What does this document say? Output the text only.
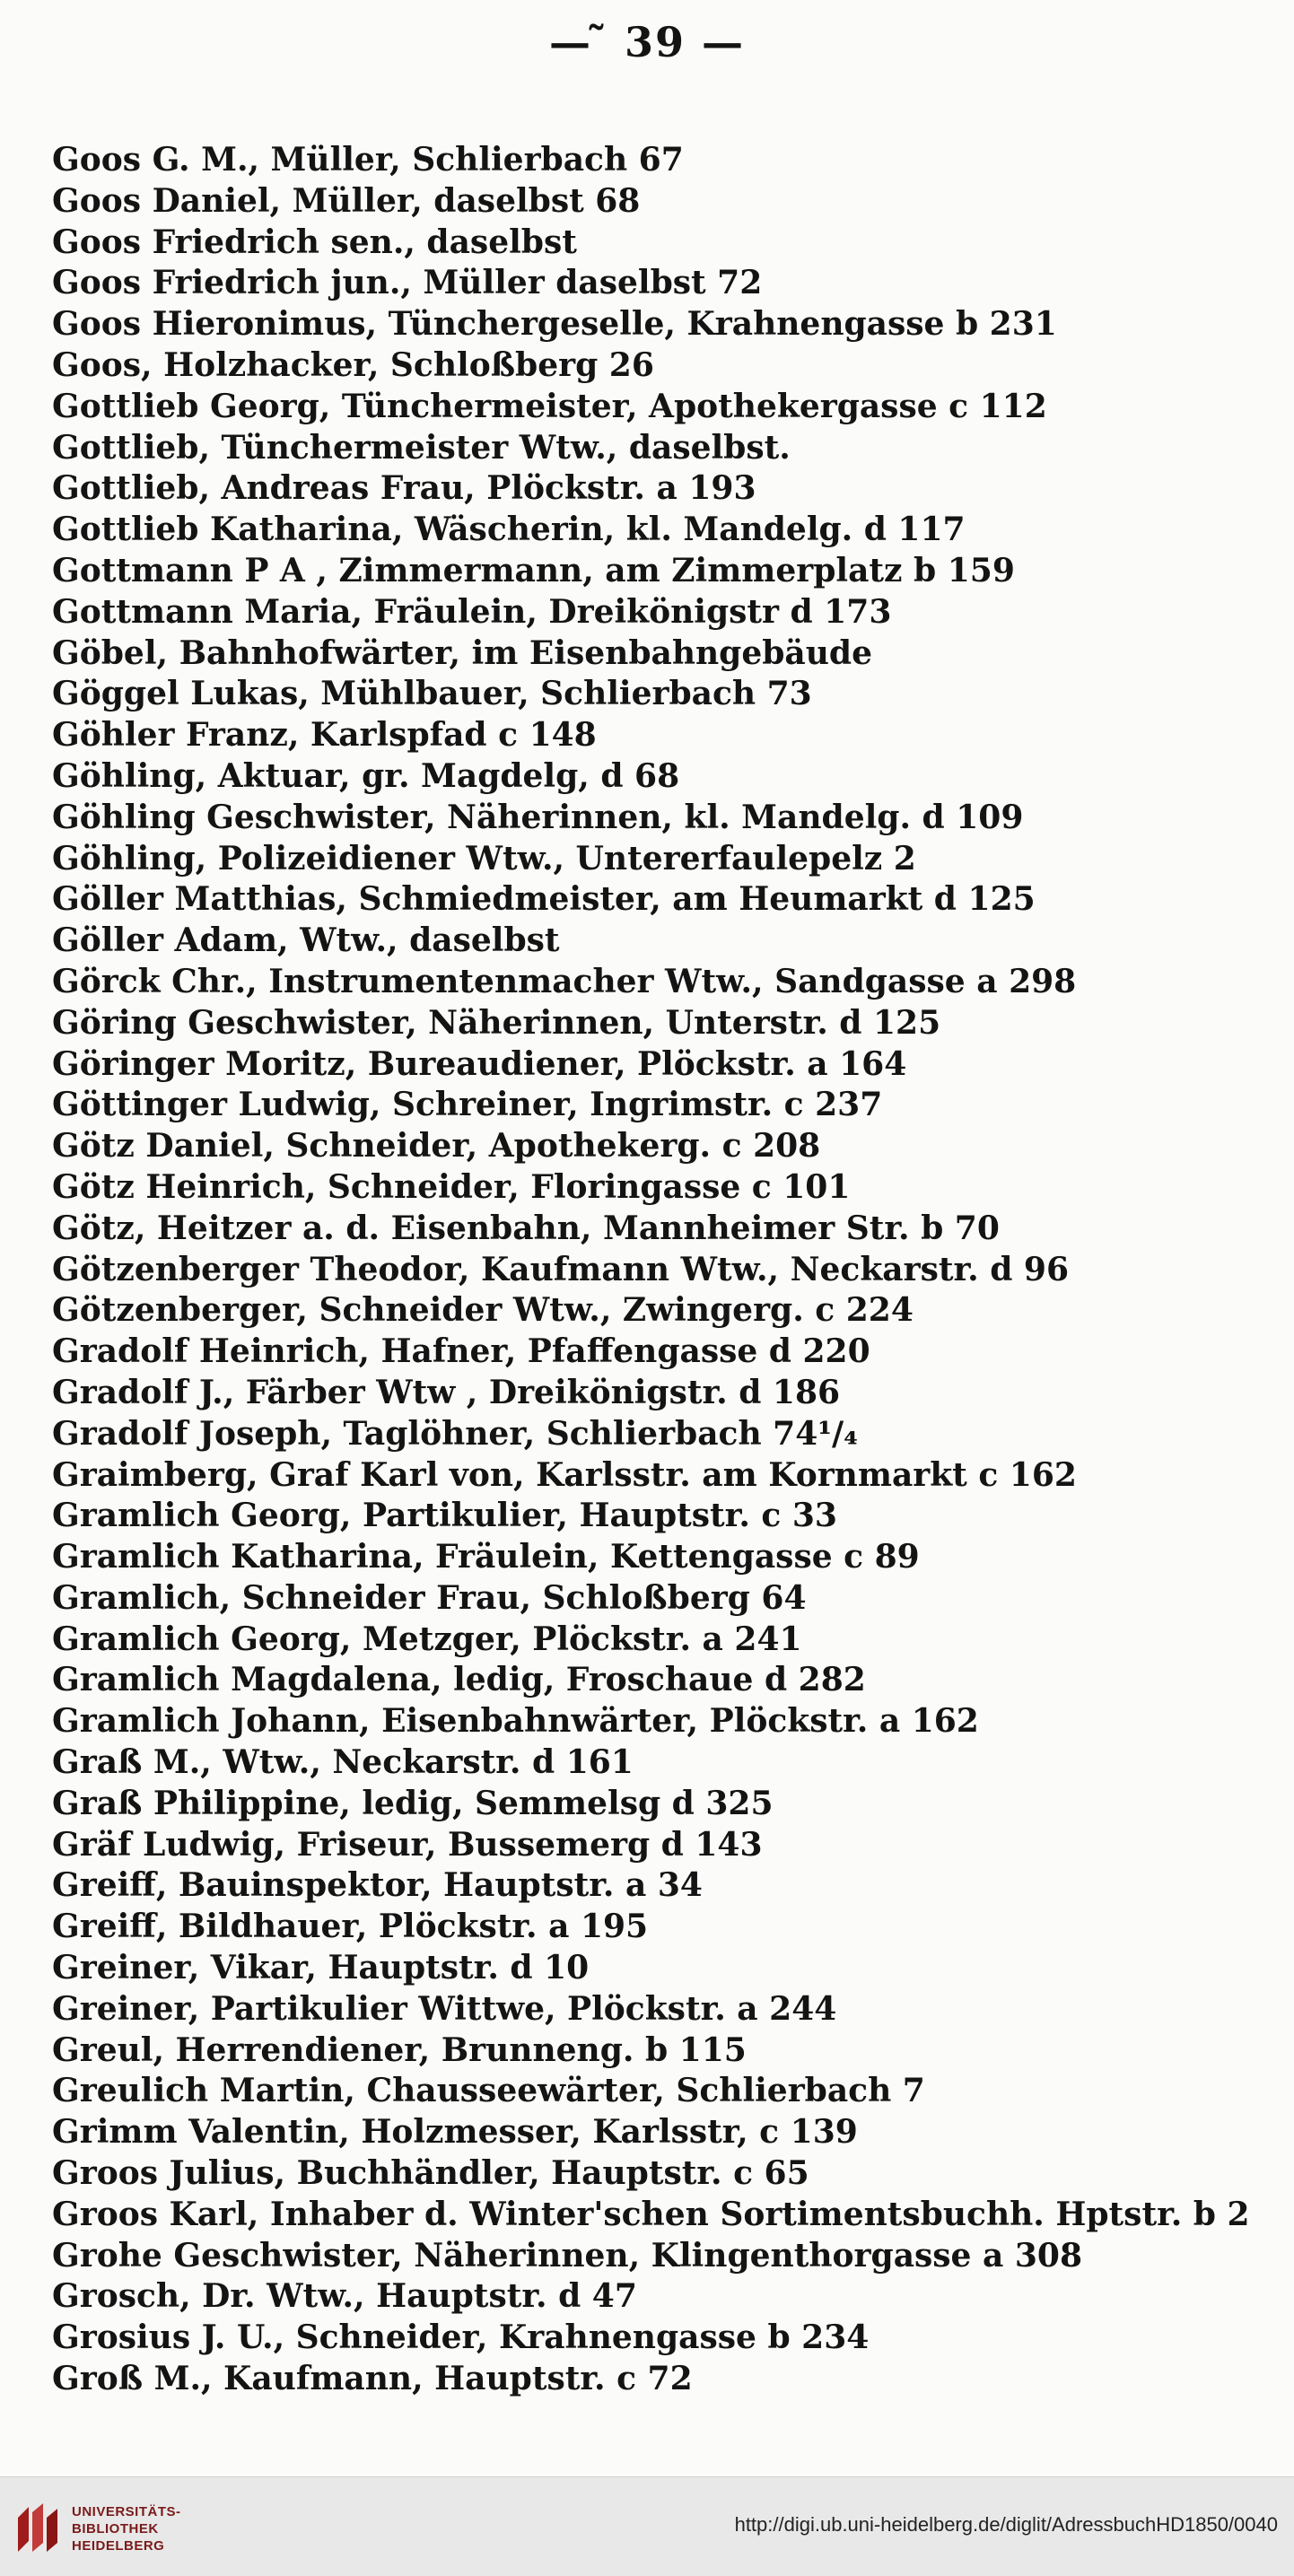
— ̃ 39 —
Goos G. M., Müller, Schlierbach 67
Goos Daniel, Müller, daselbst 68
Goos Friedrich sen., daselbst
Goos Friedrich jun., Müller daselbst 72
Goos Hieronimus, Tünchergeselle, Krahnengasse b 231
Goos, Holzhacker, Schloßberg 26
Gottlieb Georg, Tünchermeister, Apothekergasse c 112
Gottlieb, Tünchermeister Wtw., daselbst.
Gottlieb, Andreas Frau, Plöckstr. a 193
Gottlieb Katharina, Wäscherin, kl. Mandelg. d 117
Gottmann P A , Zimmermann, am Zimmerplatz b 159
Gottmann Maria, Fräulein, Dreikönigstr d 173
Göbel, Bahnhofwärter, im Eisenbahngebäude
Göggel Lukas, Mühlbauer, Schlierbach 73
Göhler Franz, Karlspfad c 148
Göhling, Aktuar, gr. Magdelg, d 68
Göhling Geschwister, Näherinnen, kl. Mandelg. d 109
Göhling, Polizeidiener Wtw., Untererfaulepelz 2
Göller Matthias, Schmiedmeister, am Heumarkt d 125
Göller Adam, Wtw., daselbst
Görck Chr., Instrumentenmacher Wtw., Sandgasse a 298
Göring Geschwister, Näherinnen, Unterstr. d 125
Göringer Moritz, Bureaudiener, Plöckstr. a 164
Göttinger Ludwig, Schreiner, Ingrimstr. c 237
Götz Daniel, Schneider, Apothekerg. c 208
Götz Heinrich, Schneider, Floringasse c 101
Götz, Heitzer a. d. Eisenbahn, Mannheimer Str. b 70
Götzenberger Theodor, Kaufmann Wtw., Neckarstr. d 96
Götzenberger, Schneider Wtw., Zwingerg. c 224
Gradolf Heinrich, Hafner, Pfaffengasse d 220
Gradolf J., Färber Wtw , Dreikönigstr. d 186
Gradolf Joseph, Taglöhner, Schlierbach 74¹/₄
Graimberg, Graf Karl von, Karlsstr. am Kornmarkt c 162
Gramlich Georg, Partikulier, Hauptstr. c 33
Gramlich Katharina, Fräulein, Kettengasse c 89
Gramlich, Schneider Frau, Schloßberg 64
Gramlich Georg, Metzger, Plöckstr. a 241
Gramlich Magdalena, ledig, Froschaue d 282
Gramlich Johann, Eisenbahnwärter, Plöckstr. a 162
Graß M., Wtw., Neckarstr. d 161
Graß Philippine, ledig, Semmelsg d 325
Gräf Ludwig, Friseur, Bussemerg d 143
Greiff, Bauinspektor, Hauptstr. a 34
Greiff, Bildhauer, Plöckstr. a 195
Greiner, Vikar, Hauptstr. d 10
Greiner, Partikulier Wittwe, Plöckstr. a 244
Greul, Herrendiener, Brunneng. b 115
Greulich Martin, Chausseewärter, Schlierbach 7
Grimm Valentin, Holzmesser, Karlsstr, c 139
Groos Julius, Buchhändler, Hauptstr. c 65
Groos Karl, Inhaber d. Winter'schen Sortimentsbuchh. Hptstr. b 2
Grohe Geschwister, Näherinnen, Klingenthorgasse a 308
Grosch, Dr. Wtw., Hauptstr. d 47
Grosius J. U., Schneider, Krahnengasse b 234
Groß M., Kaufmann, Hauptstr. c 72
UNIVERSITÄTS-
BIBLIOTHEK
HEIDELBERG
http://digi.ub.uni-heidelberg.de/diglit/AdressbuchHD1850/0040
